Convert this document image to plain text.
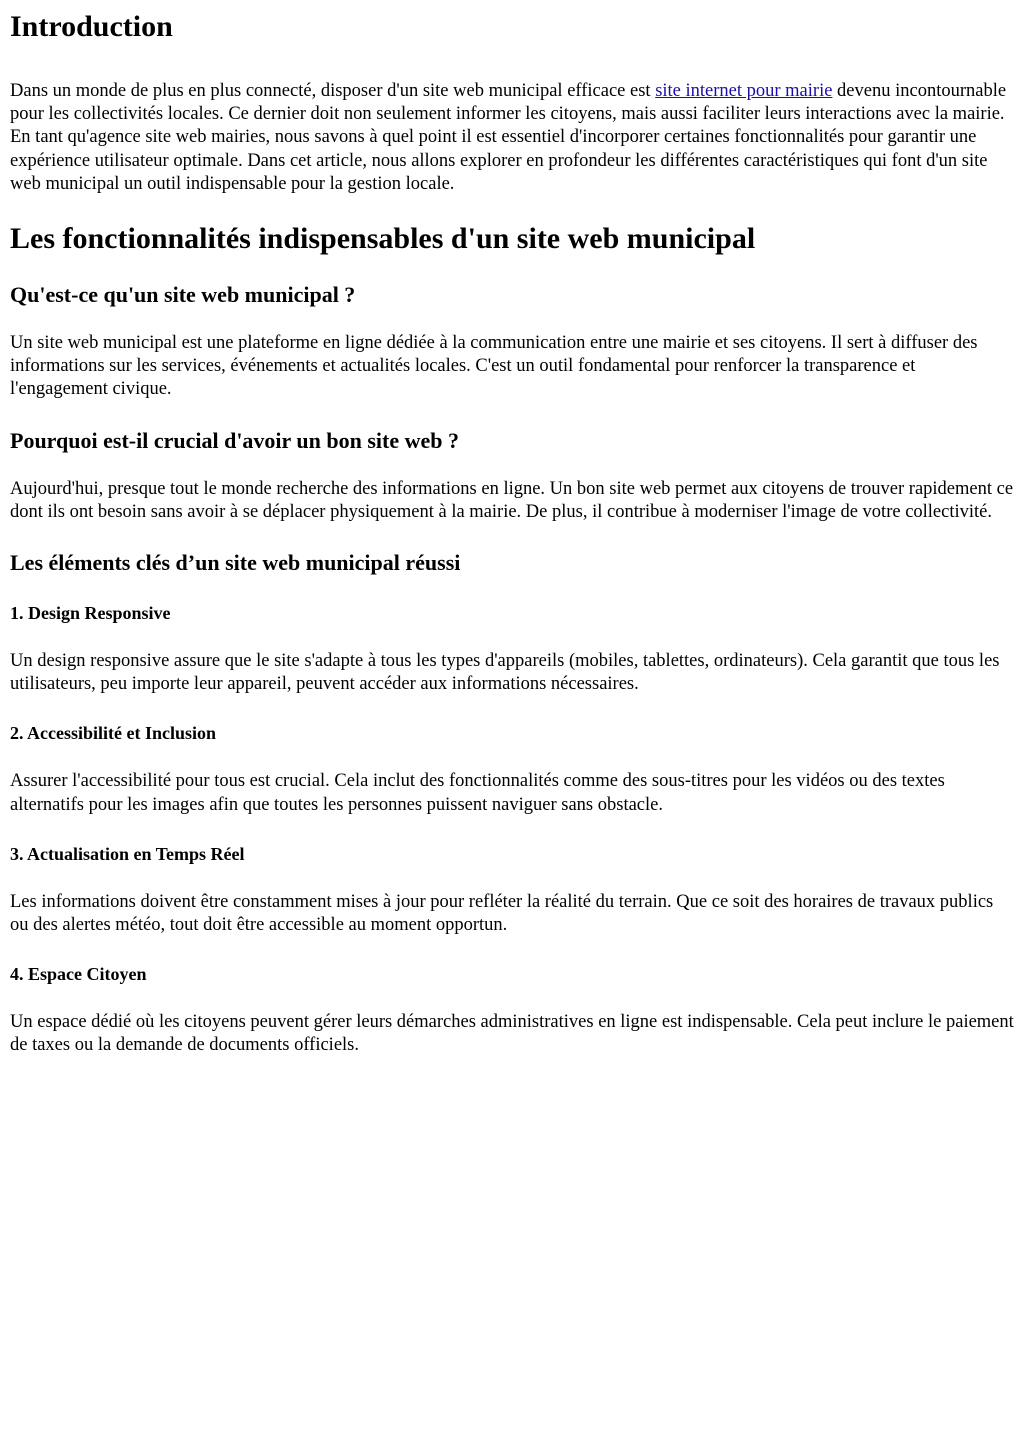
Introduction

Dans un monde de plus en plus connecté, disposer d'un site web municipal efficace est site internet pour mairie devenu incontournable pour les collectivités locales. Ce dernier doit non seulement informer les citoyens, mais aussi faciliter leurs interactions avec la mairie. En tant qu'agence site web mairies, nous savons à quel point il est essentiel d'incorporer certaines fonctionnalités pour garantir une expérience utilisateur optimale. Dans cet article, nous allons explorer en profondeur les différentes caractéristiques qui font d'un site web municipal un outil indispensable pour la gestion locale.

Les fonctionnalités indispensables d'un site web municipal
Qu'est-ce qu'un site web municipal ?

Un site web municipal est une plateforme en ligne dédiée à la communication entre une mairie et ses citoyens. Il sert à diffuser des informations sur les services, événements et actualités locales. C'est un outil fondamental pour renforcer la transparence et l'engagement civique.

Pourquoi est-il crucial d'avoir un bon site web ?

Aujourd'hui, presque tout le monde recherche des informations en ligne. Un bon site web permet aux citoyens de trouver rapidement ce dont ils ont besoin sans avoir à se déplacer physiquement à la mairie. De plus, il contribue à moderniser l'image de votre collectivité.

Les éléments clés d’un site web municipal réussi
1. Design Responsive

Un design responsive assure que le site s'adapte à tous les types d'appareils (mobiles, tablettes, ordinateurs). Cela garantit que tous les utilisateurs, peu importe leur appareil, peuvent accéder aux informations nécessaires.

2. Accessibilité et Inclusion

Assurer l'accessibilité pour tous est crucial. Cela inclut des fonctionnalités comme des sous-titres pour les vidéos ou des textes alternatifs pour les images afin que toutes les personnes puissent naviguer sans obstacle.

3. Actualisation en Temps Réel

Les informations doivent être constamment mises à jour pour refléter la réalité du terrain. Que ce soit des horaires de travaux publics ou des alertes météo, tout doit être accessible au moment opportun.

4. Espace Citoyen

Un espace dédié où les citoyens peuvent gérer leurs démarches administratives en ligne est indispensable. Cela peut inclure le paiement de taxes ou la demande de documents officiels.
